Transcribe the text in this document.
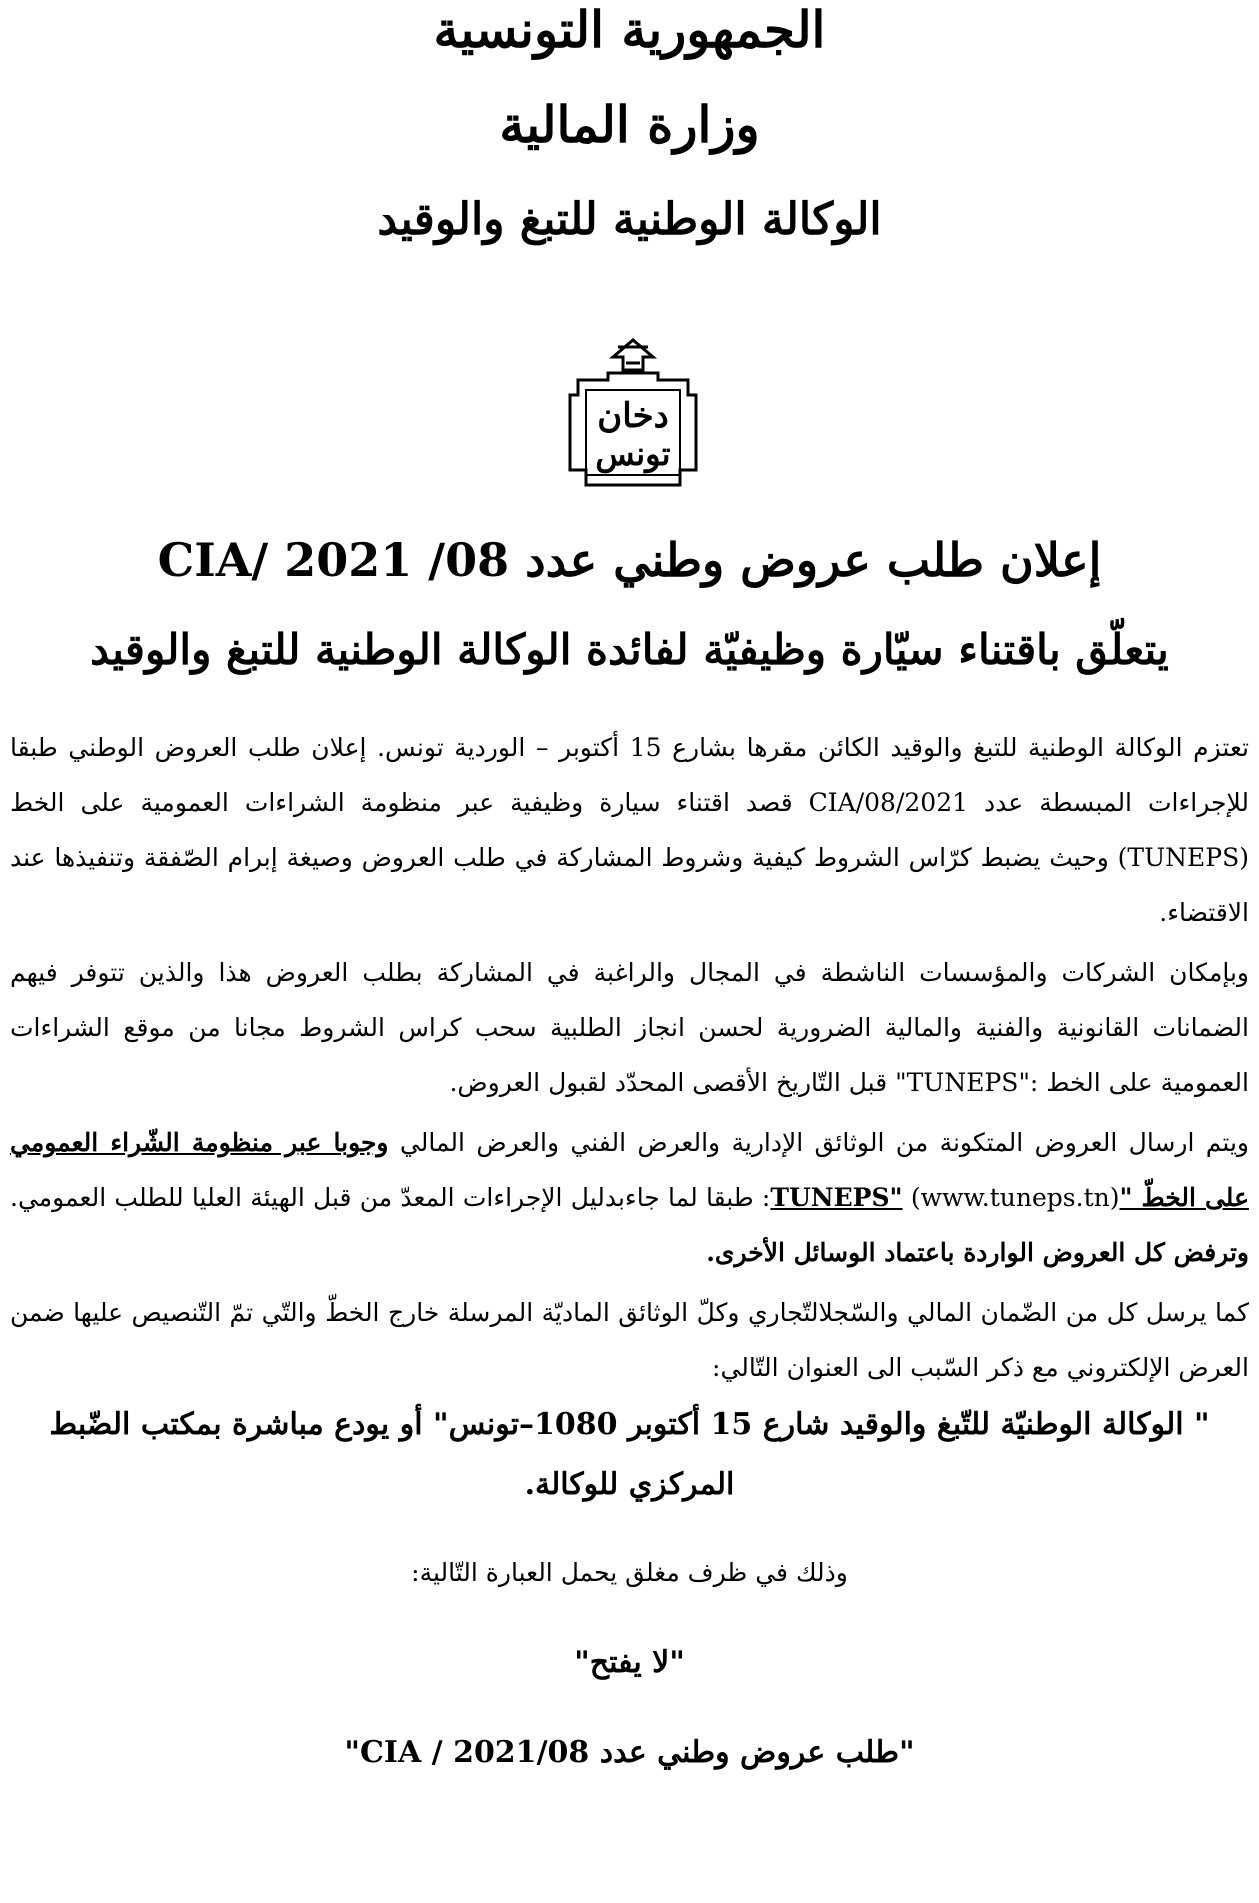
الجمهورية التونسية
وزارة المالية
الوكالة الوطنية للتبغ والوقيد
دخان
تونس
إعلان طلب عروض وطني عدد 08/ CIA/ 2021
يتعلّق باقتناء سيّارة وظيفيّة لفائدة الوكالة الوطنية للتبغ والوقيد

تعتزم الوكالة الوطنية للتبغ والوقيد الكائن مقرها بشارع 15 أكتوبر – الوردية تونس. إعلان طلب العروض الوطني طبقا للإجراءات المبسطة عدد 2021/CIA/08 قصد اقتناء سيارة وظيفية عبر منظومة الشراءات العمومية على الخط (TUNEPS) وحيث يضبط كرّاس الشروط كيفية وشروط المشاركة في طلب العروض وصيغة إبرام الصّفقة وتنفيذها عند الاقتضاء.

وبإمكان الشركات والمؤسسات الناشطة في المجال والراغبة في المشاركة بطلب العروض هذا والذين تتوفر فيهم الضمانات القانونية والفنية والمالية الضرورية لحسن انجاز الطلبية سحب كراس الشروط مجانا من موقع الشراءات العمومية على الخط :"TUNEPS" قبل التّاريخ الأقصى المحدّد لقبول العروض.

ويتم ارسال العروض المتكونة من الوثائق الإدارية والعرض الفني والعرض المالي وجوبا عبر منظومة الشّراء العمومي على الخطّ "TUNEPS" (www.tuneps.tn): طبقا لما جاءبدليل الإجراءات المعدّ من قبل الهيئة العليا للطلب العمومي. وترفض كل العروض الواردة باعتماد الوسائل الأخرى.

كما يرسل كل من الضّمان المالي والسّجلالتّجاري وكلّ الوثائق الماديّة المرسلة خارج الخطّ والتّي تمّ التّنصيص عليها ضمن العرض الإلكتروني مع ذكر السّبب الى العنوان التّالي:

" الوكالة الوطنيّة للتّبغ والوقيد شارع 15 أكتوبر 1080–تونس" أو يودع مباشرة بمكتب الضّبط المركزي للوكالة.
وذلك في ظرف مغلق يحمل العبارة التّالية:
"لا يفتح"
"طلب عروض وطني عدد 08/CIA / 2021"
